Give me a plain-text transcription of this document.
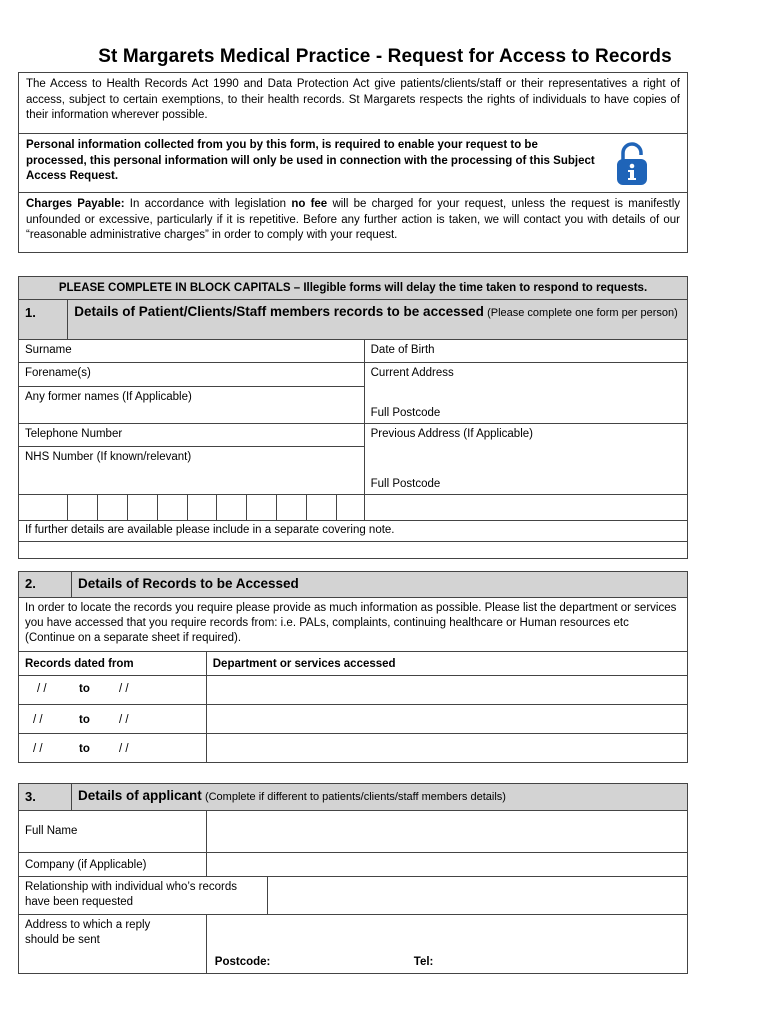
St Margarets Medical Practice - Request for Access to Records
The Access to Health Records Act 1990 and Data Protection Act give patients/clients/staff or their representatives a right of access, subject to certain exemptions, to their health records. St Margarets respects the rights of individuals to have copies of their information wherever possible.
Personal information collected from you by this form, is required to enable your request to be processed, this personal information will only be used in connection with the processing of this Subject Access Request.
Charges Payable: In accordance with legislation no fee will be charged for your request, unless the request is manifestly unfounded or excessive, particularly if it is repetitive. Before any further action is taken, we will contact you with details of our “reasonable administrative charges” in order to comply with your request.
PLEASE COMPLETE IN BLOCK CAPITALS – Illegible forms will delay the time taken to respond to requests.											
1.	Details of Patient/Clients/Staff members records to be accessed (Please complete one form per person)										
Surname											Date of Birth
Forename(s)											Current Address
Full Postcode

Any former names (If Applicable)											
Telephone Number											Previous Address (If Applicable)
Full Postcode

NHS Number (If known/relevant)											

If further details are available please include in a separate covering note.											

2.	Details of Records to be Accessed	
In order to locate the records you require please provide as much information as possible. Please list the department or services you have accessed that you require records from: i.e. PALs, complaints, continuing healthcare or Human resources etc (Continue on a separate sheet if required).		
Records dated from		Department or services accessed
/ / to / /		
/ / to / /		
/ / to / /		
3.	Details of applicant (Complete if different to patients/clients/staff members details)		
Full Name			
Company (if Applicable)			
Relationship with individual who’s records have been requested			
Address to which a reply should be sent		Postcode: Tel:	
